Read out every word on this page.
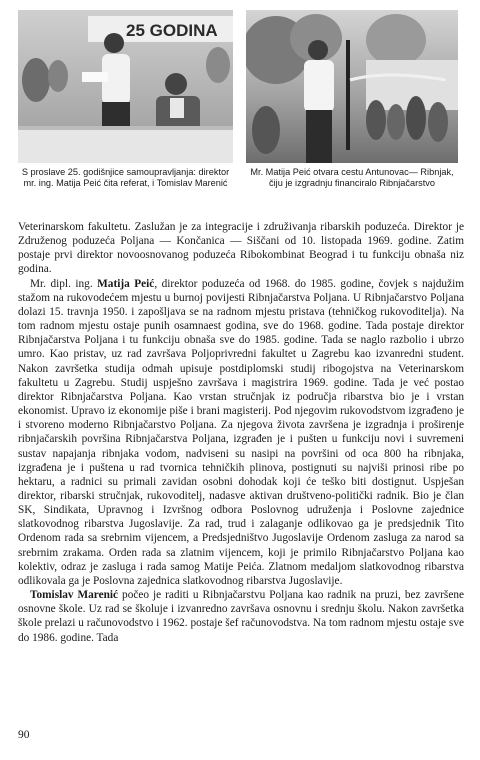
25 GODINA
S proslave 25. godišnjice samoupravljanja: direktor mr. ing. Matija Peić čita referat, i Tomislav Marenić
Mr. Matija Peić otvara cestu Antunovac— Ribnjak, čiju je izgradnju financiralo Ribnjačarstvo

Veterinarskom fakultetu. Zaslužan je za integracije i združivanja ribarskih poduzeća. Direktor je Združenog poduzeća Poljana — Končanica — Siščani od 10. listopada 1969. godine. Zatim postaje prvi direktor novoosnovanog poduzeća Ribokombinat Beograd i tu funkciju obnaša niz godina.

Mr. dipl. ing. Matija Peić, direktor poduzeća od 1968. do 1985. godine, čovjek s najdužim stažom na rukovodećem mjestu u burnoj povijesti Ribnjačarstva Poljana. U Ribnjačarstvo Poljana dolazi 15. travnja 1950. i zapošljava se na radnom mjestu pristava (tehničkog rukovoditelja). Na tom radnom mjestu ostaje punih osamnaest godina, sve do 1968. godine. Tada postaje direktor Ribnjačarstva Poljana i tu funkciju obnaša sve do 1985. godine. Tada se naglo razbolio i ubrzo umro. Kao pristav, uz rad završava Poljoprivredni fakultet u Zagrebu kao izvanredni student. Nakon završetka studija odmah upisuje postdiplomski studij ribogojstva na Veterinarskom fakultetu u Zagrebu. Studij uspješno završava i magistrira 1969. godine. Tada je već postao direktor Ribnjačarstva Poljana. Kao vrstan stručnjak iz područja ribarstva bio je i vrstan ekonomist. Upravo iz ekonomije piše i brani magisterij. Pod njegovim rukovodstvom izgrađeno je i stvoreno moderno Ribnjačarstvo Poljana. Za njegova života završena je izgradnja i proširenje ribnjačarskih površina Ribnjačarstva Poljana, izgrađen je i pušten u funkciju novi i suvremeni sustav napajanja ribnjaka vodom, nadviseni su nasipi na površini od oca 800 ha ribnjaka, izgrađena je i puštena u rad tvornica tehničkih plinova, postignuti su najviši prinosi ribe po hektaru, a radnici su primali zavidan osobni dohodak koji će teško biti dostignut. Uspješan direktor, ribarski stručnjak, rukovoditelj, nadasve aktivan društveno-politički radnik. Bio je član SK, Sindikata, Upravnog i Izvršnog odbora Poslovnog udruženja i Poslovne zajednice slatkovodnog ribarstva Jugoslavije. Za rad, trud i zalaganje odlikovao ga je predsjednik Tito Ordenom rada sa srebrnim vijencem, a Predsjedništvo Jugoslavije Ordenom zasluga za narod sa srebrnim zrakama. Orden rada sa zlatnim vijencem, koji je primilo Ribnjačarstvo Poljana kao kolektiv, odraz je zasluga i rada samog Matije Peića. Zlatnom medaljom slatkovodnog ribarstva odlikovala ga je Poslovna zajednica slatkovodnog ribarstva Jugoslavije.

Tomislav Marenić počeo je raditi u Ribnjačarstvu Poljana kao radnik na pruzi, bez završene osnovne škole. Uz rad se školuje i izvanredno završava osnovnu i srednju školu. Nakon završetka škole prelazi u računovodstvo i 1962. postaje šef računovodstva. Na tom radnom mjestu ostaje sve do 1986. godine. Tada

90
